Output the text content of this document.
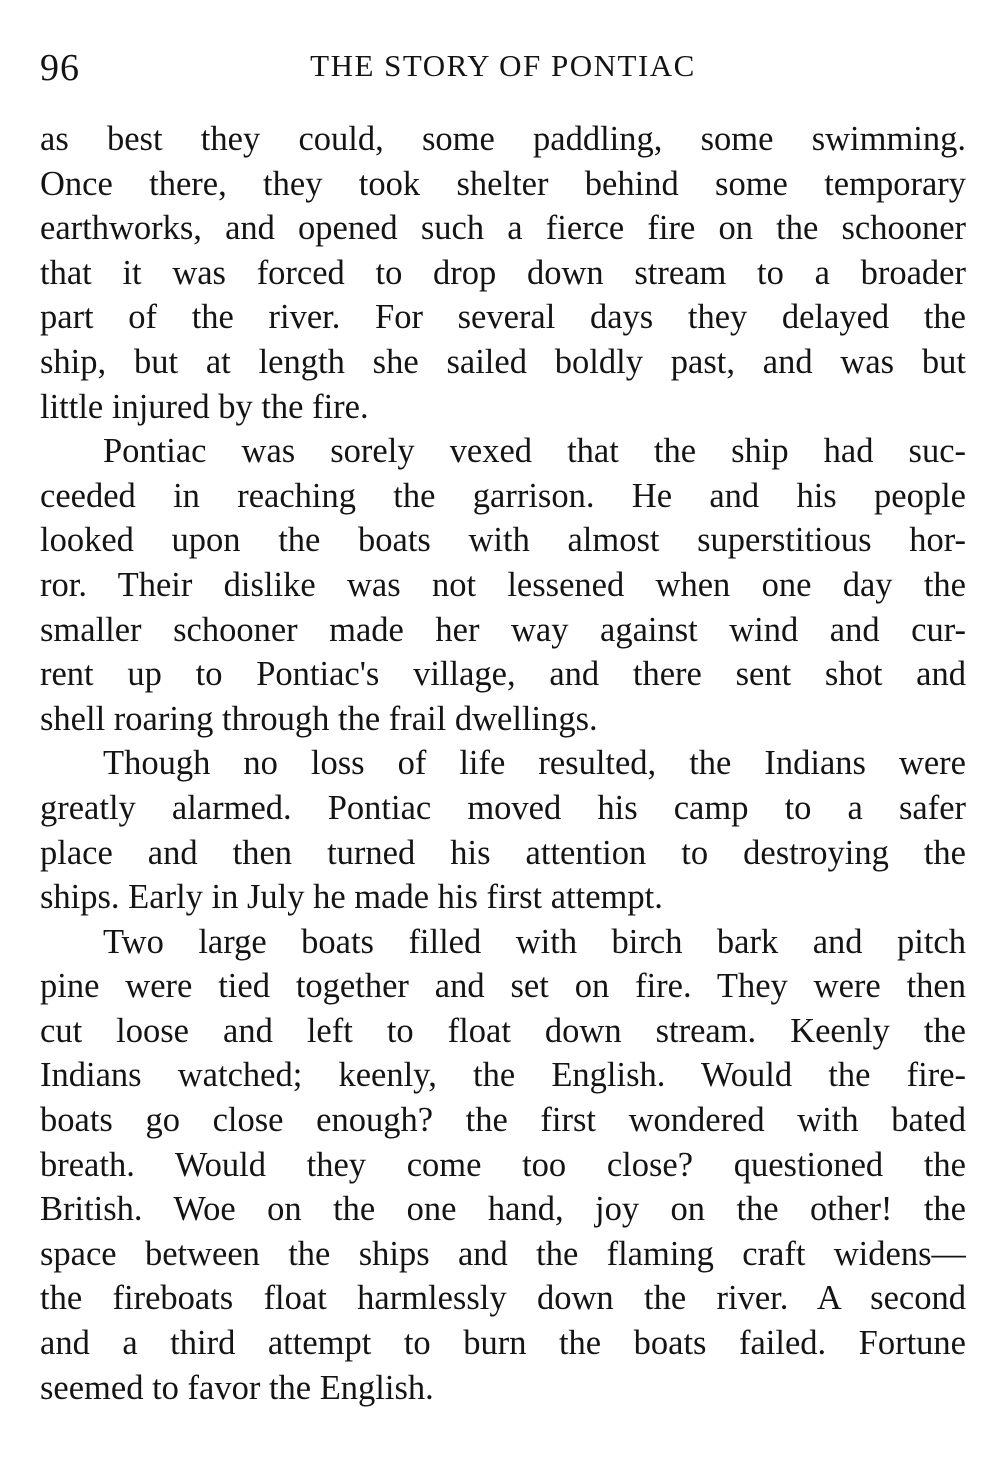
96	THE STORY OF PONTIAC
as best they could, some paddling, some swimming.
Once there, they took shelter behind some temporary
earthworks, and opened such a fierce fire on the schooner
that it was forced to drop down stream to a broader
part of the river. For several days they delayed the
ship, but at length she sailed boldly past, and was but
little injured by the fire.
Pontiac was sorely vexed that the ship had suc-
ceeded in reaching the garrison. He and his people
looked upon the boats with almost superstitious hor-
ror. Their dislike was not lessened when one day the
smaller schooner made her way against wind and cur-
rent up to Pontiac's village, and there sent shot and
shell roaring through the frail dwellings.
Though no loss of life resulted, the Indians were
greatly alarmed. Pontiac moved his camp to a safer
place and then turned his attention to destroying the
ships. Early in July he made his first attempt.
Two large boats filled with birch bark and pitch
pine were tied together and set on fire. They were then
cut loose and left to float down stream. Keenly the
Indians watched; keenly, the English. Would the fire-
boats go close enough? the first wondered with bated
breath. Would they come too close? questioned the
British. Woe on the one hand, joy on the other! the
space between the ships and the flaming craft widens—
the fireboats float harmlessly down the river. A second
and a third attempt to burn the boats failed. Fortune
seemed to favor the English.
